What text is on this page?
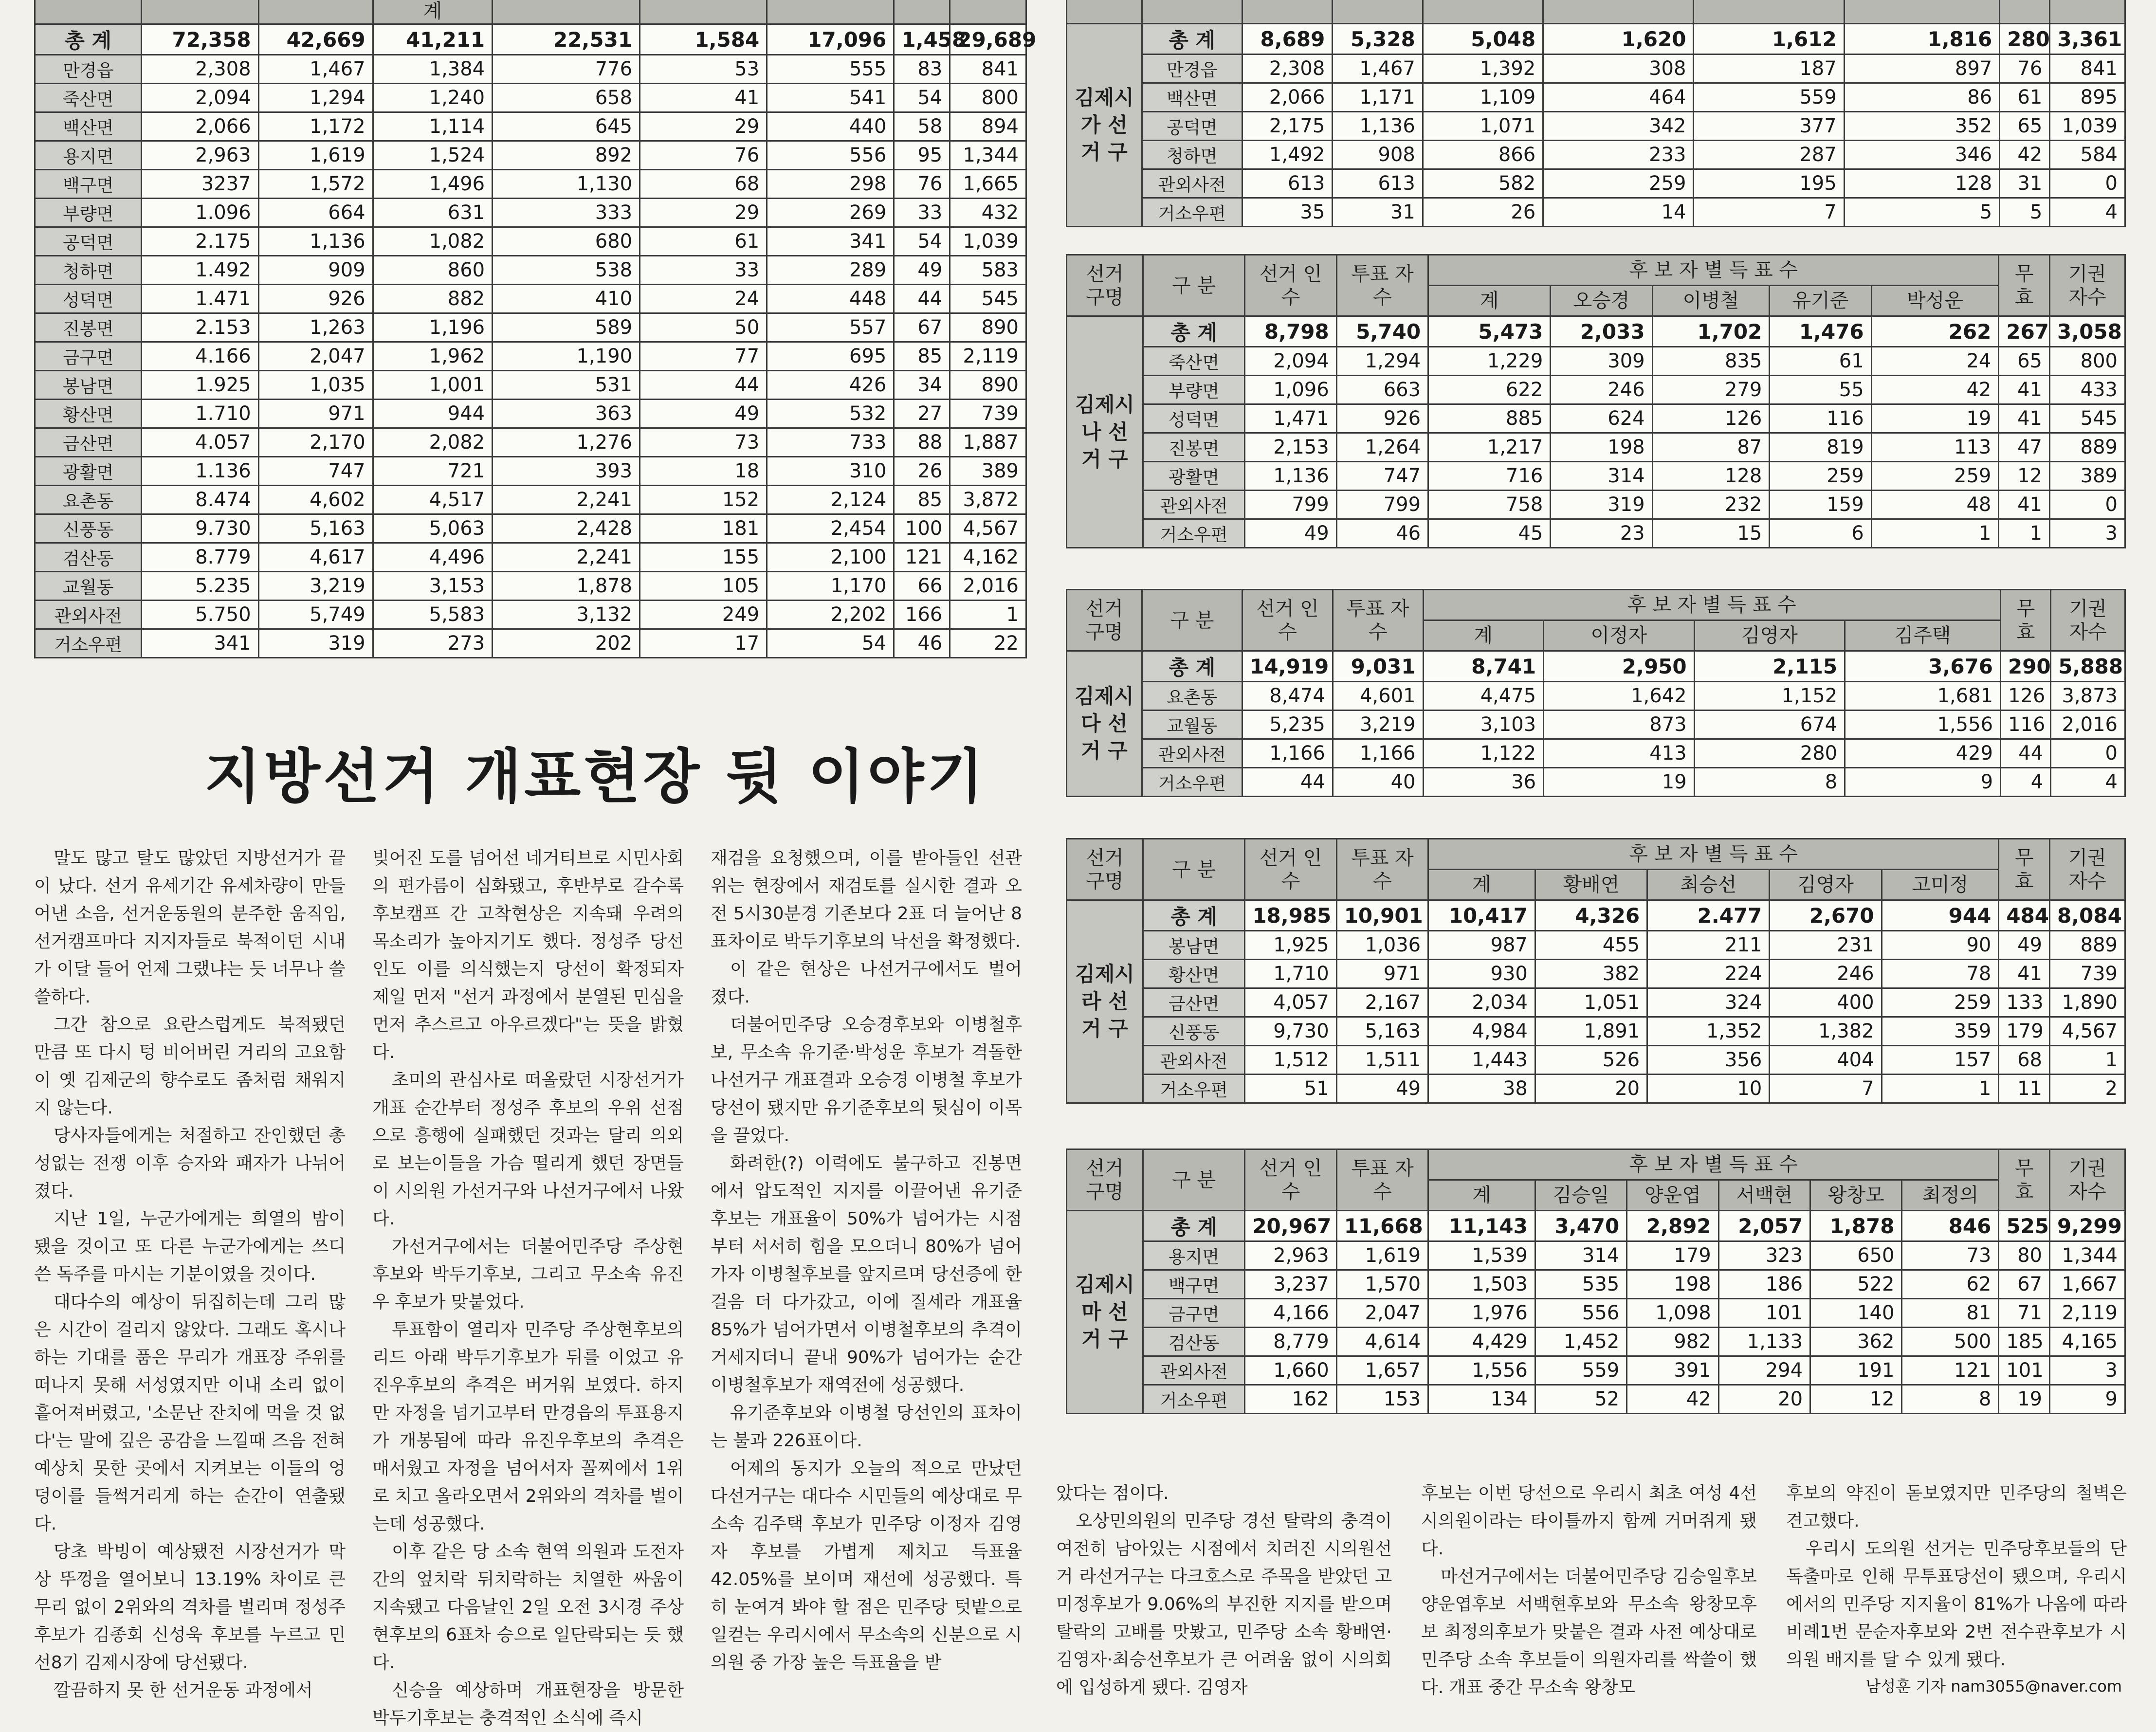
			계					
총 계	72,358	42,669	41,211	22,531	1,584	17,096	1,458	29,689
만경읍	2,308	1,467	1,384	776	53	555	83	841
죽산면	2,094	1,294	1,240	658	41	541	54	800
백산면	2,066	1,172	1,114	645	29	440	58	894
용지면	2,963	1,619	1,524	892	76	556	95	1,344
백구면	3237	1,572	1,496	1,130	68	298	76	1,665
부량면	1.096	664	631	333	29	269	33	432
공덕면	2.175	1,136	1,082	680	61	341	54	1,039
청하면	1.492	909	860	538	33	289	49	583
성덕면	1.471	926	882	410	24	448	44	545
진봉면	2.153	1,263	1,196	589	50	557	67	890
금구면	4.166	2,047	1,962	1,190	77	695	85	2,119
봉남면	1.925	1,035	1,001	531	44	426	34	890
황산면	1.710	971	944	363	49	532	27	739
금산면	4.057	2,170	2,082	1,276	73	733	88	1,887
광활면	1.136	747	721	393	18	310	26	389
요촌동	8.474	4,602	4,517	2,241	152	2,124	85	3,872
신풍동	9.730	5,163	5,063	2,428	181	2,454	100	4,567
검산동	8.779	4,617	4,496	2,241	155	2,100	121	4,162
교월동	5.235	3,219	3,153	1,878	105	1,170	66	2,016
관외사전	5.750	5,749	5,583	3,132	249	2,202	166	1
거소우편	341	319	273	202	17	54	46	22

김제시 가 선 거 구	총 계	8,689	5,328	5,048	1,620	1,612	1,816	280	3,361
	만경읍	2,308	1,467	1,392	308	187	897	76	841
	백산면	2,066	1,171	1,109	464	559	86	61	895
	공덕면	2,175	1,136	1,071	342	377	352	65	1,039
	청하면	1,492	908	866	233	287	346	42	584
	관외사전	613	613	582	259	195	128	31	0
	거소우편	35	31	26	14	7	5	5	4
선거 구명	구 분	선거 인수	투표 자수	후 보 자 별 득 표 수					무효	기권 자수
				계	오승경	이병철	유기준	박성운		
김제시 나 선 거 구	총 계	8,798	5,740	5,473	2,033	1,702	1,476	262	267	3,058
	죽산면	2,094	1,294	1,229	309	835	61	24	65	800
	부량면	1,096	663	622	246	279	55	42	41	433
	성덕면	1,471	926	885	624	126	116	19	41	545
	진봉면	2,153	1,264	1,217	198	87	819	113	47	889
	광활면	1,136	747	716	314	128	259	259	12	389
	관외사전	799	799	758	319	232	159	48	41	0
	거소우편	49	46	45	23	15	6	1	1	3
선거 구명	구 분	선거 인수	투표 자수	후 보 자 별 득 표 수				무효	기권 자수
				계	이정자	김영자	김주택		
김제시 다 선 거 구	총 계	14,919	9,031	8,741	2,950	2,115	3,676	290	5,888
	요촌동	8,474	4,601	4,475	1,642	1,152	1,681	126	3,873
	교월동	5,235	3,219	3,103	873	674	1,556	116	2,016
	관외사전	1,166	1,166	1,122	413	280	429	44	0
	거소우편	44	40	36	19	8	9	4	4
선거 구명	구 분	선거 인수	투표 자수	후 보 자 별 득 표 수					무효	기권 자수
				계	황배연	최승선	김영자	고미정		
김제시 라 선 거 구	총 계	18,985	10,901	10,417	4,326	2.477	2,670	944	484	8,084
	봉남면	1,925	1,036	987	455	211	231	90	49	889
	황산면	1,710	971	930	382	224	246	78	41	739
	금산면	4,057	2,167	2,034	1,051	324	400	259	133	1,890
	신풍동	9,730	5,163	4,984	1,891	1,352	1,382	359	179	4,567
	관외사전	1,512	1,511	1,443	526	356	404	157	68	1
	거소우편	51	49	38	20	10	7	1	11	2
선거 구명	구 분	선거 인수	투표 자수	후 보 자 별 득 표 수						무효	기권 자수
				계	김승일	양운엽	서백현	왕창모	최정의		
김제시 마 선 거 구	총 계	20,967	11,668	11,143	3,470	2,892	2,057	1,878	846	525	9,299
	용지면	2,963	1,619	1,539	314	179	323	650	73	80	1,344
	백구면	3,237	1,570	1,503	535	198	186	522	62	67	1,667
	금구면	4,166	2,047	1,976	556	1,098	101	140	81	71	2,119
	검산동	8,779	4,614	4,429	1,452	982	1,133	362	500	185	4,165
	관외사전	1,660	1,657	1,556	559	391	294	191	121	101	3
	거소우편	162	153	134	52	42	20	12	8	19	9
지방선거 개표현장 뒷 이야기

말도 많고 탈도 많았던 지방선거가 끝이 났다. 선거 유세기간 유세차량이 만들어낸 소음, 선거운동원의 분주한 움직임, 선거캠프마다 지지자들로 북적이던 시내가 이달 들어 언제 그랬냐는 듯 너무나 쓸쓸하다.

그간 참으로 요란스럽게도 북적됐던 만큼 또 다시 텅 비어버린 거리의 고요함이 옛 김제군의 향수로도 좀처럼 채워지지 않는다.

당사자들에게는 처절하고 잔인했던 총성없는 전쟁 이후 승자와 패자가 나뉘어 졌다.

지난 1일, 누군가에게는 희열의 밤이 됐을 것이고 또 다른 누군가에게는 쓰디 쓴 독주를 마시는 기분이였을 것이다.

대다수의 예상이 뒤집히는데 그리 많은 시간이 걸리지 않았다. 그래도 혹시나 하는 기대를 품은 무리가 개표장 주위를 떠나지 못해 서성였지만 이내 소리 없이 흩어져버렸고, '소문난 잔치에 먹을 것 없다'는 말에 깊은 공감을 느낄때 즈음 전혀 예상치 못한 곳에서 지켜보는 이들의 엉덩이를 들썩거리게 하는 순간이 연출됐다.

당초 박빙이 예상됐전 시장선거가 막상 뚜껑을 열어보니 13.19% 차이로 큰 무리 없이 2위와의 격차를 벌리며 정성주 후보가 김종회 신성욱 후보를 누르고 민선8기 김제시장에 당선됐다.

깔끔하지 못 한 선거운동 과정에서

빚어진 도를 넘어선 네거티브로 시민사회의 편가름이 심화됐고, 후반부로 갈수록 후보캠프 간 고착현상은 지속돼 우려의 목소리가 높아지기도 했다. 정성주 당선인도 이를 의식했는지 당선이 확정되자 제일 먼저 "선거 과정에서 분열된 민심을 먼저 추스르고 아우르겠다"는 뜻을 밝혔다.

초미의 관심사로 떠올랐던 시장선거가 개표 순간부터 정성주 후보의 우위 선점으로 흥행에 실패했던 것과는 달리 의외로 보는이들을 가슴 떨리게 했던 장면들이 시의원 가선거구와 나선거구에서 나왔다.

가선거구에서는 더불어민주당 주상현후보와 박두기후보, 그리고 무소속 유진우 후보가 맞붙었다.

투표함이 열리자 민주당 주상현후보의 리드 아래 박두기후보가 뒤를 이었고 유진우후보의 추격은 버거워 보였다. 하지만 자정을 넘기고부터 만경읍의 투표용지가 개봉됨에 따라 유진우후보의 추격은 매서웠고 자정을 넘어서자 꼴찌에서 1위로 치고 올라오면서 2위와의 격차를 벌이는데 성공했다.

이후 같은 당 소속 현역 의원과 도전자 간의 엎치락 뒤치락하는 치열한 싸움이 지속됐고 다음날인 2일 오전 3시경 주상현후보의 6표차 승으로 일단락되는 듯 했다.

신승을 예상하며 개표현장을 방문한 박두기후보는 충격적인 소식에 즉시

재검을 요청했으며, 이를 받아들인 선관위는 현장에서 재검토를 실시한 결과 오전 5시30분경 기존보다 2표 더 늘어난 8표차이로 박두기후보의 낙선을 확정했다.

이 같은 현상은 나선거구에서도 벌어졌다.

더불어민주당 오승경후보와 이병철후보, 무소속 유기준·박성운 후보가 격돌한 나선거구 개표결과 오승경 이병철 후보가 당선이 됐지만 유기준후보의 뒷심이 이목을 끌었다.

화려한(?) 이력에도 불구하고 진봉면에서 압도적인 지지를 이끌어낸 유기준 후보는 개표율이 50%가 넘어가는 시점부터 서서히 힘을 모으더니 80%가 넘어가자 이병철후보를 앞지르며 당선증에 한걸음 더 다가갔고, 이에 질세라 개표율 85%가 넘어가면서 이병철후보의 추격이 거세지더니 끝내 90%가 넘어가는 순간 이병철후보가 재역전에 성공했다.

유기준후보와 이병철 당선인의 표차이는 불과 226표이다.

어제의 동지가 오늘의 적으로 만났던 다선거구는 대다수 시민들의 예상대로 무소속 김주택 후보가 민주당 이정자 김영자 후보를 가볍게 제치고 득표율 42.05%를 보이며 재선에 성공했다. 특히 눈여겨 봐야 할 점은 민주당 텃밭으로 일컫는 우리시에서 무소속의 신분으로 시의원 중 가장 높은 득표율을 받

았다는 점이다.

오상민의원의 민주당 경선 탈락의 충격이 여전히 남아있는 시점에서 치러진 시의원선거 라선거구는 다크호스로 주목을 받았던 고미정후보가 9.06%의 부진한 지지를 받으며 탈락의 고배를 맛봤고, 민주당 소속 황배연·김영자·최승선후보가 큰 어려움 없이 시의회에 입성하게 됐다. 김영자

후보는 이번 당선으로 우리시 최초 여성 4선 시의원이라는 타이틀까지 함께 거머쥐게 됐다.

마선거구에서는 더불어민주당 김승일후보 양운엽후보 서백현후보와 무소속 왕창모후보 최정의후보가 맞붙은 결과 사전 예상대로 민주당 소속 후보들이 의원자리를 싹쓸이 했다. 개표 중간 무소속 왕창모

후보의 약진이 돋보였지만 민주당의 철벽은 견고했다.

우리시 도의원 선거는 민주당후보들의 단독출마로 인해 무투표당선이 됐으며, 우리시에서의 민주당 지지율이 81%가 나옴에 따라 비례1번 문순자후보와 2번 전수관후보가 시의원 배지를 달 수 있게 됐다.

남성훈 기자 nam3055@naver.com
